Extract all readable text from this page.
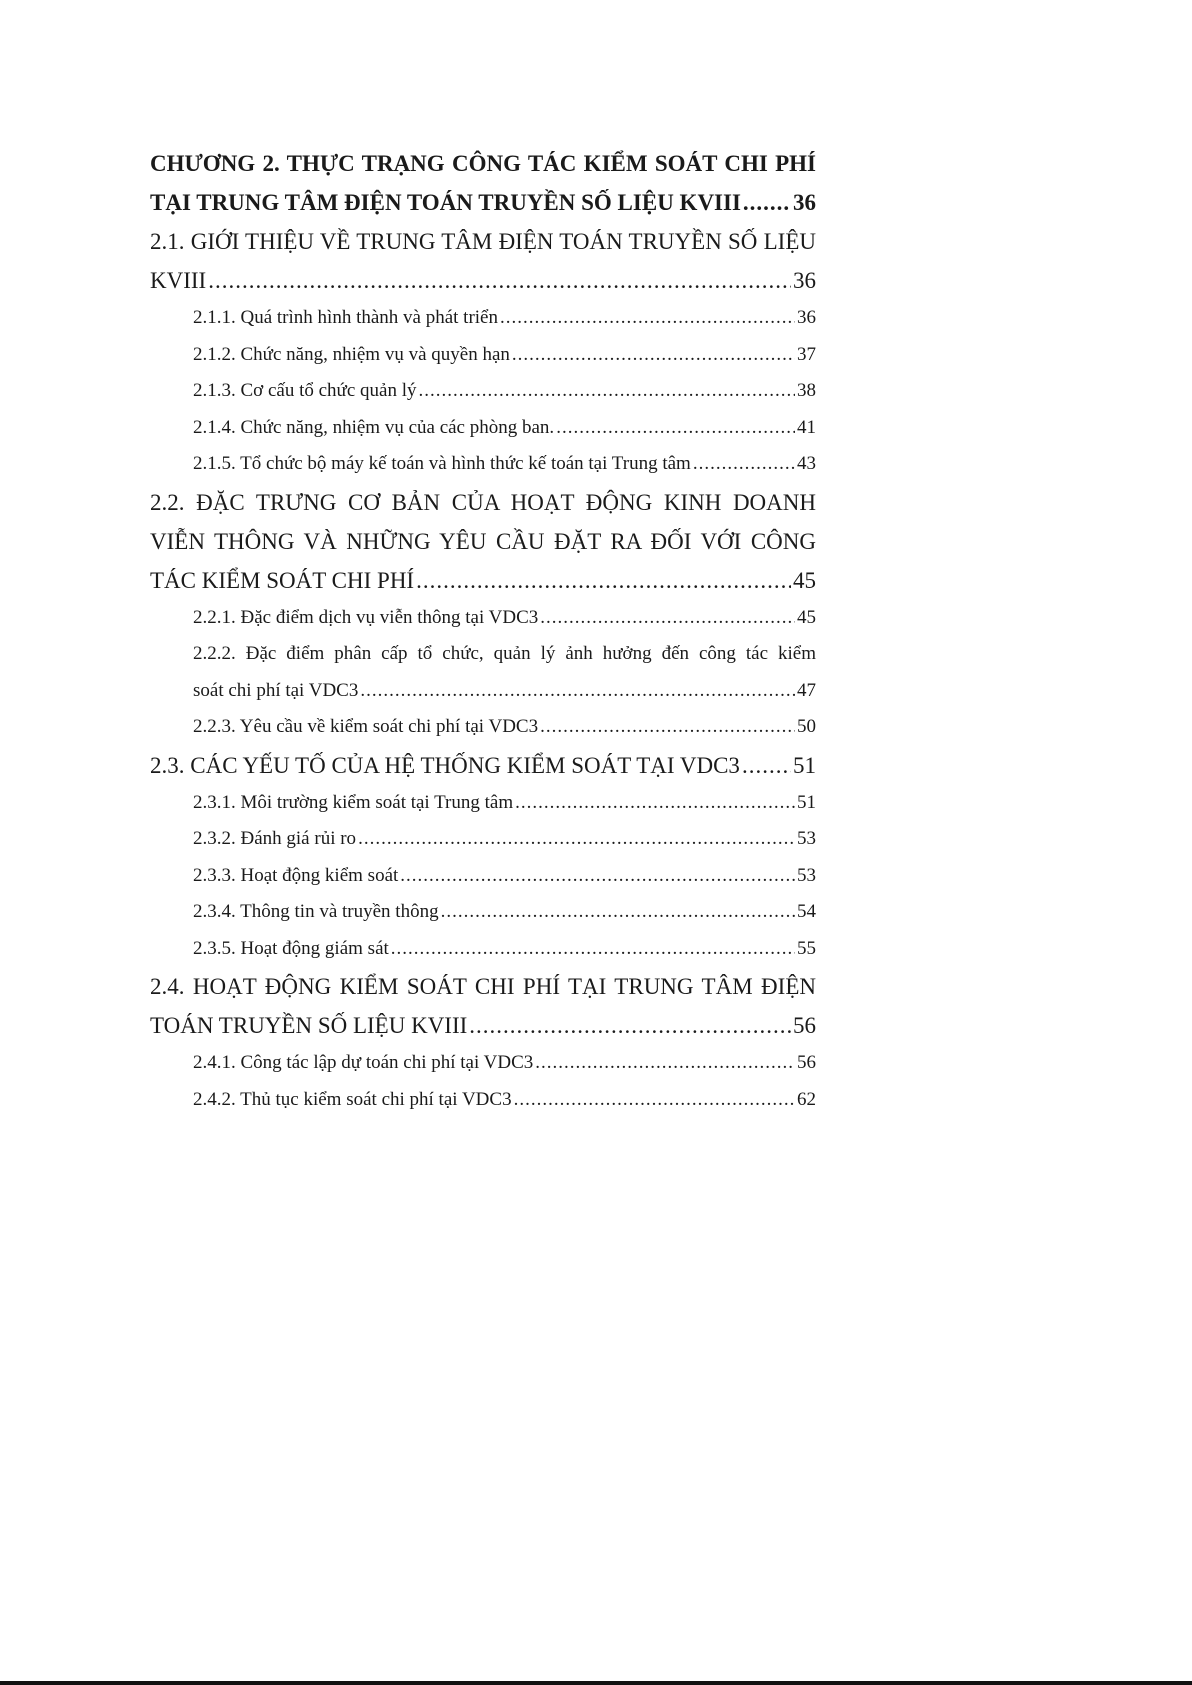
CHƯƠNG 2. THỰC TRẠNG CÔNG TÁC KIỂM SOÁT CHI PHÍ
TẠI TRUNG TÂM ĐIỆN TOÁN TRUYỀN SỐ LIỆU KVIII ..... 36
2.1. GIỚI THIỆU VỀ TRUNG TÂM ĐIỆN TOÁN TRUYỀN SỐ LIỆU
KVIII .....	36
2.1.1. Quá trình hình thành và phát triển .....	36
2.1.2. Chức năng, nhiệm vụ và quyền hạn .....	37
2.1.3. Cơ cấu tổ chức quản lý .....	38
2.1.4. Chức năng, nhiệm vụ của các phòng ban. .....	41
2.1.5. Tổ chức bộ máy kế toán và hình thức kế toán tại Trung tâm .....	43
2.2. ĐẶC TRƯNG CƠ BẢN CỦA HOẠT ĐỘNG KINH DOANH
VIỄN THÔNG VÀ NHỮNG YÊU CẦU ĐẶT RA ĐỐI VỚI CÔNG
TÁC KIỂM SOÁT CHI PHÍ .....	45
2.2.1. Đặc điểm dịch vụ viễn thông tại VDC3 .....	45
2.2.2. Đặc điểm phân cấp tổ chức, quản lý ảnh hưởng đến công tác kiểm
soát chi phí tại VDC3 .....	47
2.2.3. Yêu cầu về kiểm soát chi phí tại VDC3 .....	50
2.3. CÁC YẾU TỐ CỦA HỆ THỐNG KIỂM SOÁT TẠI VDC3 ..... 51
2.3.1. Môi trường kiểm soát tại Trung tâm .....	51
2.3.2. Đánh giá rủi ro .....	53
2.3.3. Hoạt động kiểm soát .....	53
2.3.4. Thông tin và truyền thông .....	54
2.3.5. Hoạt động giám sát .....	55
2.4. HOẠT ĐỘNG KIỂM SOÁT CHI PHÍ TẠI TRUNG TÂM ĐIỆN
TOÁN TRUYỀN SỐ LIỆU KVIII .....	56
2.4.1. Công tác lập dự toán chi phí tại VDC3 .....	56
2.4.2. Thủ tục kiểm soát chi phí tại VDC3 .....	62
